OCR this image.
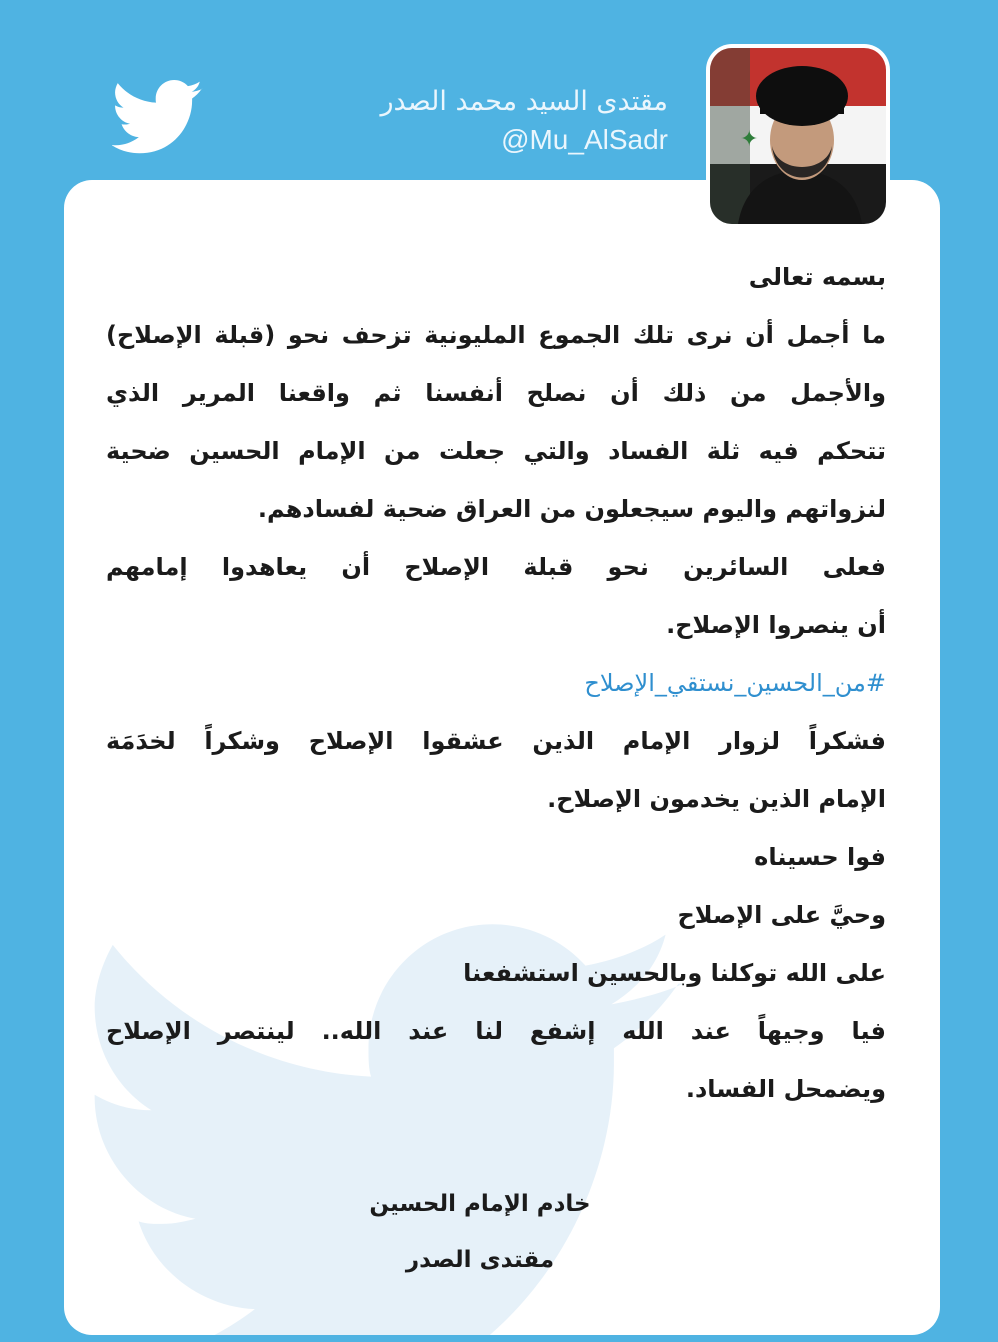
مقتدى السيد محمد الصدر
@Mu_AlSadr	✦
بسمه تعالى
ما أجمل أن نرى تلك الجموع المليونية تزحف نحو (قبلة الإصلاح)
والأجمل من ذلك أن نصلح أنفسنا ثم واقعنا المرير الذي
تتحكم فيه ثلة الفساد والتي جعلت من الإمام الحسين ضحية
لنزواتهم واليوم سيجعلون من العراق ضحية لفسادهم.
فعلى السائرين نحو قبلة الإصلاح أن يعاهدوا إمامهم
أن ينصروا الإصلاح.
#من_الحسين_نستقي_الإصلاح
فشكراً لزوار الإمام الذين عشقوا الإصلاح وشكراً لخدَمَة
الإمام الذين يخدمون الإصلاح.
فوا حسيناه
وحيَّ على الإصلاح
على الله توكلنا وبالحسين استشفعنا
فيا وجيهاً عند الله إشفع لنا عند الله.. لينتصر الإصلاح
ويضمحل الفساد.
خادم الإمام الحسين
مقتدى الصدر
